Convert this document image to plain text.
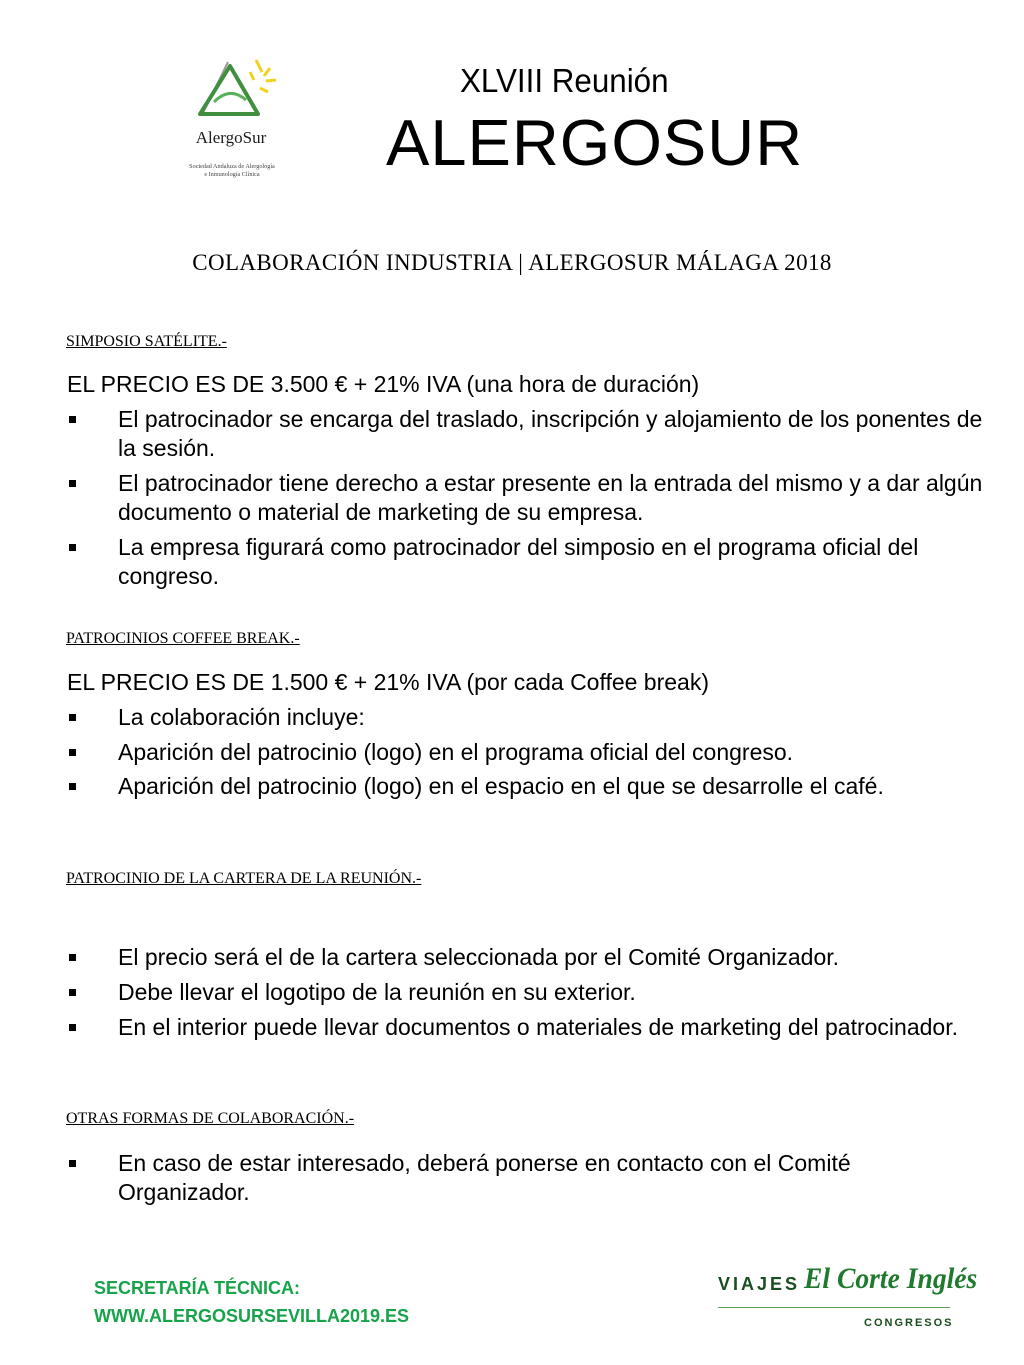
AlergoSur
Sociedad Andaluza de Alergología
e Inmunología Clínica
XLVIII Reunión
ALERGOSUR
COLABORACIÓN INDUSTRIA | ALERGOSUR MÁLAGA 2018
SIMPOSIO SATÉLITE.-
EL PRECIO ES DE 3.500 € + 21% IVA (una hora de duración)
El patrocinador se encarga del traslado, inscripción y alojamiento de los ponentes de la sesión.
El patrocinador tiene derecho a estar presente en la entrada del mismo y a dar algún documento o material de marketing de su empresa.
La empresa figurará como patrocinador del simposio en el programa oficial del congreso.
PATROCINIOS COFFEE BREAK.-
EL PRECIO ES DE 1.500 € + 21% IVA (por cada Coffee break)
La colaboración incluye:
Aparición del patrocinio (logo) en el programa oficial del congreso.
Aparición del patrocinio (logo) en el espacio en el que se desarrolle el café.
PATROCINIO DE LA CARTERA DE LA REUNIÓN.-
El precio será el de la cartera seleccionada por el Comité Organizador.
Debe llevar el logotipo de la reunión en su exterior.
En el interior puede llevar documentos o materiales de marketing del patrocinador.
OTRAS FORMAS DE COLABORACIÓN.-
En caso de estar interesado, deberá ponerse en contacto con el Comité Organizador.
SECRETARÍA TÉCNICA:
WWW.ALERGOSURSEVILLA2019.ES
VIAJES El Corte Inglés
CONGRESOS
